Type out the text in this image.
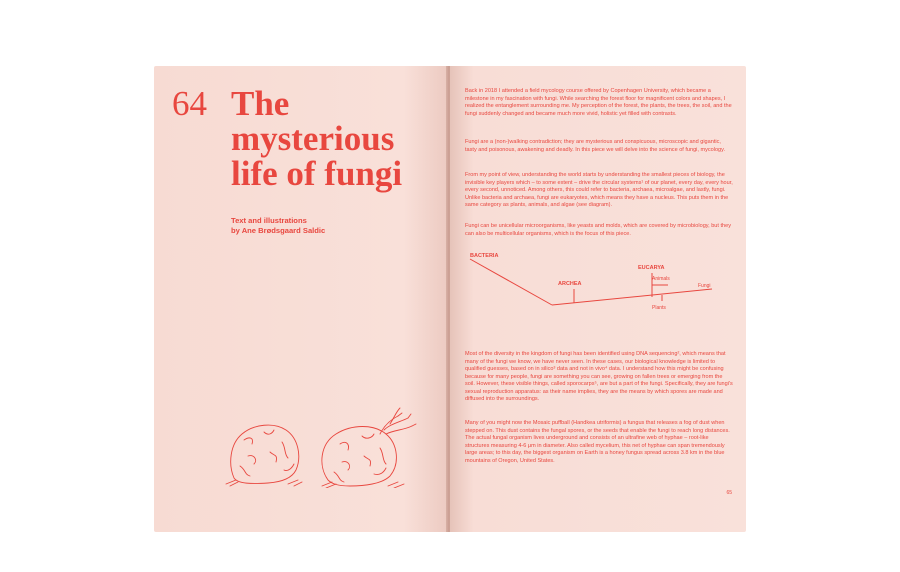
64 The
mysterious
life of fungi
Text and illustrations
by Ane Brødsgaard Saldic

Back in 2018 I attended a field mycology course offered by Copenhagen University, which became a milestone in my fascination with fungi. While searching the forest floor for magnificent colors and shapes, I realized the entanglement surrounding me. My perception of the forest, the plants, the trees, the soil, and the fungi suddenly changed and became much more vivid, holistic yet filled with contrasts.

Fungi are a (non-)walking contradiction; they are mysterious and conspicuous, microscopic and gigantic, tasty and poisonous, awakening and deadly. In this piece we will delve into the science of fungi, mycology.

From my point of view, understanding the world starts by understanding the smallest pieces of biology, the invisible key players which – to some extent – drive the circular systems¹ of our planet, every day, every hour, every second, unnoticed. Among others, this could refer to bacteria, archaea, microalgae, and lastly, fungi. Unlike bacteria and archaea, fungi are eukaryotes, which means they have a nucleus. This puts them in the same category as plants, animals, and algae (see diagram).

Fungi can be unicellular microorganisms, like yeasts and molds, which are covered by microbiology, but they can also be multicellular organisms, which is the focus of this piece.

BACTERIA
ARCHEA
EUCARYA
Animals
Fungi
Plants

Most of the diversity in the kingdom of fungi has been identified using DNA sequencing², which means that many of the fungi we know, we have never seen. In these cases, our biological knowledge is limited to qualified guesses, based on in silico³ data and not in vivo⁴ data. I understand how this might be confusing because for many people, fungi are something you can see, growing on fallen trees or emerging from the soil. However, these visible things, called sporocarps⁵, are but a part of the fungi. Specifically, they are fungi's sexual reproduction apparatus: as their name implies, they are the means by which spores are made and diffused into the surroundings.

Many of you might now the Mosaic puffball (Handkea utriformis) a fungus that releases a fog of dust when stepped on. This dust contains the fungal spores, or the seeds that enable the fungi to reach long distances. The actual fungal organism lives underground and consists of an ultrafine web of hyphae – root-like structures measuring 4-6 μm in diameter. Also called mycelium, this net of hyphae can span tremendously large areas; to this day, the biggest organism on Earth is a honey fungus spread across 3.8 km in the blue mountains of Oregon, United States.

65
